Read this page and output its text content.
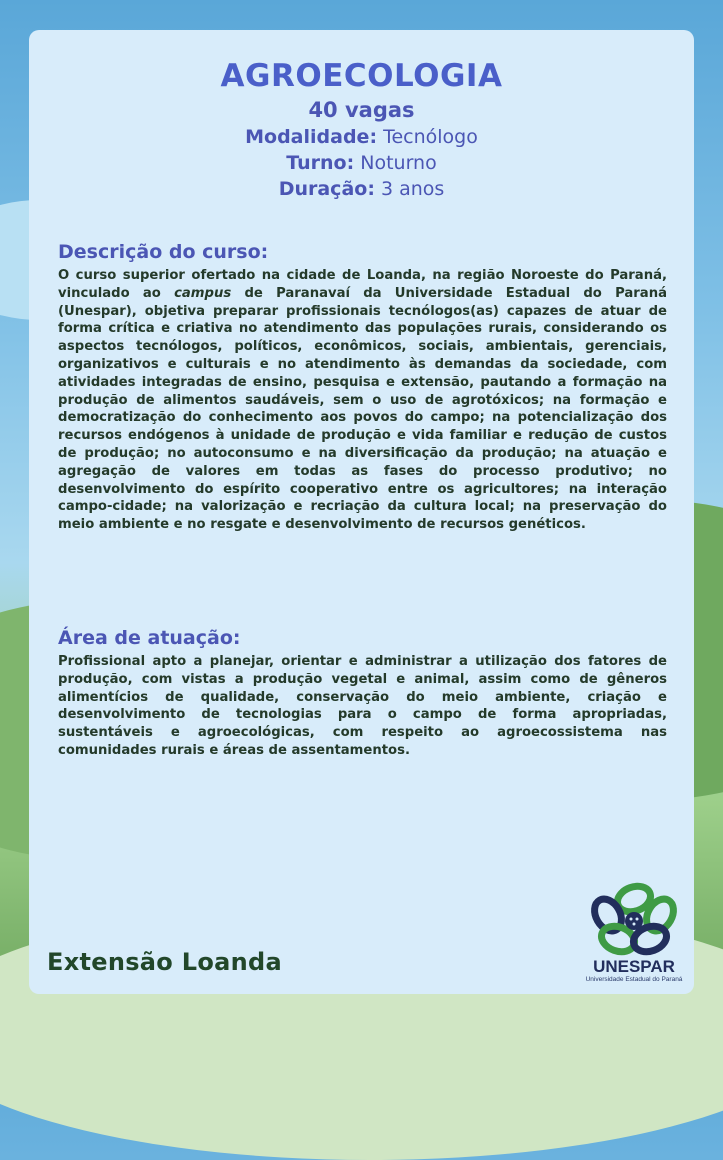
AGROECOLOGIA
40 vagas
Modalidade: Tecnólogo
Turno: Noturno
Duração: 3 anos
Descrição do curso:
O curso superior ofertado na cidade de Loanda, na região Noroeste do Paraná, vinculado ao campus de Paranavaí da Universidade Estadual do Paraná (Unespar), objetiva preparar profissionais tecnólogos(as) capazes de atuar de forma crítica e criativa no atendimento das populações rurais, considerando os aspectos tecnólogos, políticos, econômicos, sociais, ambientais, gerenciais, organizativos e culturais e no atendimento às demandas da sociedade, com atividades integradas de ensino, pesquisa e extensão, pautando a formação na produção de alimentos saudáveis, sem o uso de agrotóxicos; na formação e democratização do conhecimento aos povos do campo; na potencialização dos recursos endógenos à unidade de produção e vida familiar e redução de custos de produção; no autoconsumo e na diversificação da produção; na atuação e agregação de valores em todas as fases do processo produtivo; no desenvolvimento do espírito cooperativo entre os agricultores; na interação campo-cidade; na valorização e recriação da cultura local; na preservação do meio ambiente e no resgate e desenvolvimento de recursos genéticos.
Área de atuação:
Profissional apto a planejar, orientar e administrar a utilização dos fatores de produção, com vistas a produção vegetal e animal, assim como de gêneros alimentícios de qualidade, conservação do meio ambiente, criação e desenvolvimento de tecnologias para o campo de forma apropriadas, sustentáveis e agroecológicas, com respeito ao agroecossistema nas comunidades rurais e áreas de assentamentos.
Extensão Loanda	UNESPAR
Universidade Estadual do Paraná
